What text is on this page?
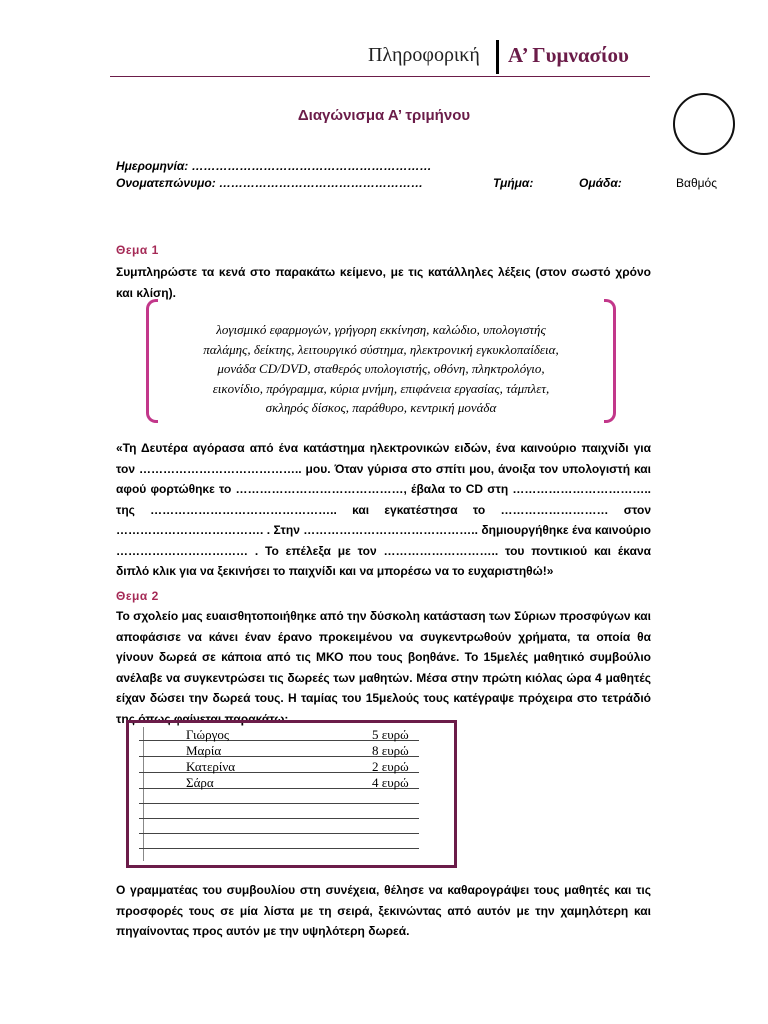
Πληροφορική Α’ Γυμνασίου
Διαγώνισμα Α’ τριμήνου
Ημερομηνία: ……………………………………………………
Ονοματεπώνυμο: ……………………………………………	Τμήμα:	Ομάδα:	Βαθμός
Θεμα 1
Συμπληρώστε τα κενά στο παρακάτω κείμενο, με τις κατάλληλες λέξεις (στον σωστό χρόνο και κλίση).
λογισμικό εφαρμογών, γρήγορη εκκίνηση, καλώδιο, υπολογιστής
παλάμης, δείκτης, λειτουργικό σύστημα, ηλεκτρονική εγκυκλοπαίδεια,
μονάδα CD/DVD, σταθερός υπολογιστής, οθόνη, πληκτρολόγιο,
εικονίδιο, πρόγραμμα, κύρια μνήμη, επιφάνεια εργασίας, τάμπλετ,
σκληρός δίσκος, παράθυρο, κεντρική μονάδα
«Τη Δευτέρα αγόρασα από ένα κατάστημα ηλεκτρονικών ειδών, ένα καινούριο παιχνίδι για τον ………………………………….. μου. Όταν γύρισα στο σπίτι μου, άνοιξα τον υπολογιστή και αφού φορτώθηκε το ……………………………………, έβαλα το CD στη …………………………….. της ……………………………………….. και εγκατέστησα το ……………………… στον ………………………………. . Στην …………………………………….. δημιουργήθηκε ένα καινούριο …………………………… . Το επέλεξα με τον ……………………….. του ποντικιού και έκανα διπλό κλικ για να ξεκινήσει το παιχνίδι και να μπορέσω να το ευχαριστηθώ!»
Θεμα 2
Το σχολείο μας ευαισθητοποιήθηκε από την δύσκολη κατάσταση των Σύριων προσφύγων και αποφάσισε να κάνει έναν έρανο προκειμένου να συγκεντρωθούν χρήματα, τα οποία θα γίνουν δωρεά σε κάποια από τις ΜΚΟ που τους βοηθάνε. Το 15μελές μαθητικό συμβούλιο ανέλαβε να συγκεντρώσει τις δωρεές των μαθητών. Μέσα στην πρώτη κιόλας ώρα 4 μαθητές είχαν δώσει την δωρεά τους. Η ταμίας του 15μελούς τους κατέγραψε πρόχειρα στο τετράδιό της όπως φαίνεται παρακάτω:
Γιώργος	5 ευρώ
Μαρία	8 ευρώ
Κατερίνα	2 ευρώ
Σάρα	4 ευρώ
Ο γραμματέας του συμβουλίου στη συνέχεια, θέλησε να καθαρογράψει τους μαθητές και τις προσφορές τους σε μία λίστα με τη σειρά, ξεκινώντας από αυτόν με την χαμηλότερη και πηγαίνοντας προς αυτόν με την υψηλότερη δωρεά.
